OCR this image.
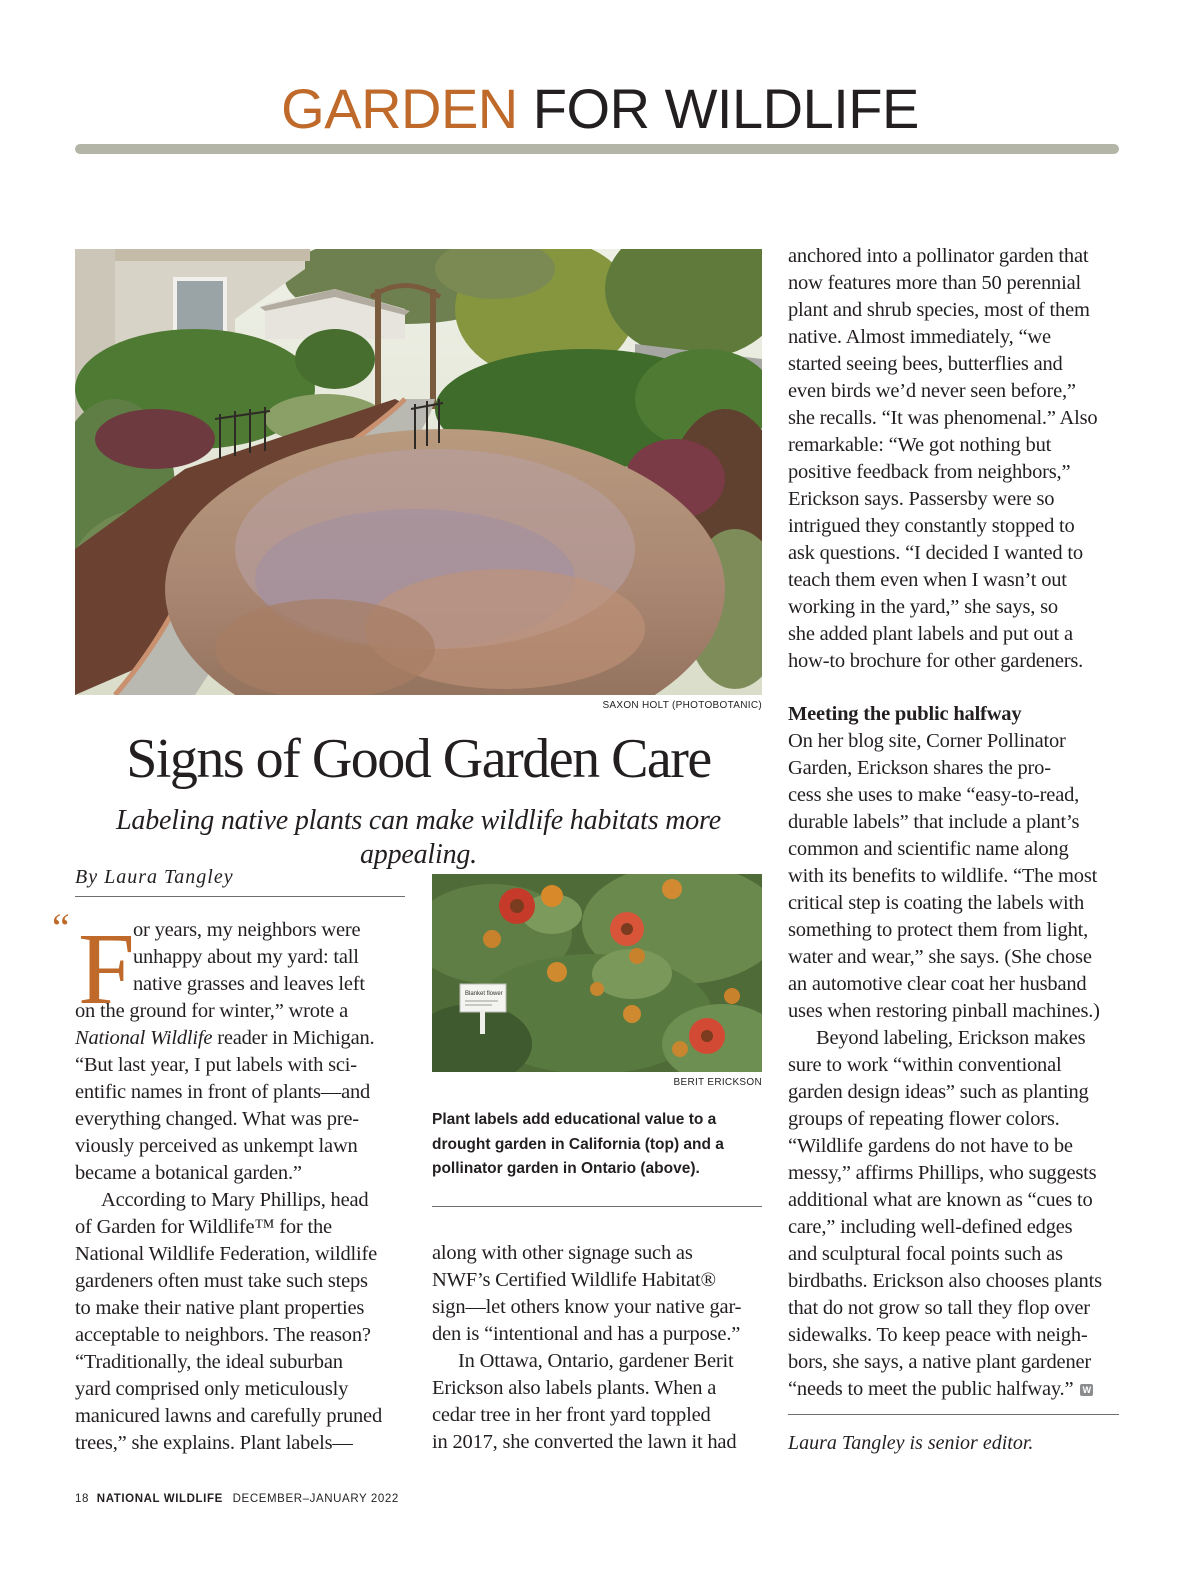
GARDEN FOR WILDLIFE
SAXON HOLT (PHOTOBOTANIC)
Signs of Good Garden Care
Labeling native plants can make wildlife habitats more appealing.
By Laura Tangley
“ F
or years, my neighbors were
unhappy about my yard: tall
native grasses and leaves left
on the ground for winter,” wrote a
National Wildlife reader in Michigan.
“But last year, I put labels with sci-
entific names in front of plants—and
everything changed. What was pre-
viously perceived as unkempt lawn
became a botanical garden.”
According to Mary Phillips, head
of Garden for Wildlife™ for the
National Wildlife Federation, wildlife
gardeners often must take such steps
to make their native plant properties
acceptable to neighbors. The reason?
“Traditionally, the ideal suburban
yard comprised only meticulously
manicured lawns and carefully pruned
trees,” she explains. Plant labels—
Blanket flower
BERIT ERICKSON
Plant labels add educational value to a
drought garden in California (top) and a
pollinator garden in Ontario (above).
along with other signage such as
NWF’s Certified Wildlife Habitat®
sign—let others know your native gar-
den is “intentional and has a purpose.”
In Ottawa, Ontario, gardener Berit
Erickson also labels plants. When a
cedar tree in her front yard toppled
in 2017, she converted the lawn it had
anchored into a pollinator garden that
now features more than 50 perennial
plant and shrub species, most of them
native. Almost immediately, “we
started seeing bees, butterflies and
even birds we’d never seen before,”
she recalls. “It was phenomenal.” Also
remarkable: “We got nothing but
positive feedback from neighbors,”
Erickson says. Passersby were so
intrigued they constantly stopped to
ask questions. “I decided I wanted to
teach them even when I wasn’t out
working in the yard,” she says, so
she added plant labels and put out a
how-to brochure for other gardeners.
Meeting the public halfway
On her blog site, Corner Pollinator
Garden, Erickson shares the pro-
cess she uses to make “easy-to-read,
durable labels” that include a plant’s
common and scientific name along
with its benefits to wildlife. “The most
critical step is coating the labels with
something to protect them from light,
water and wear,” she says. (She chose
an automotive clear coat her husband
uses when restoring pinball machines.)
Beyond labeling, Erickson makes
sure to work “within conventional
garden design ideas” such as planting
groups of repeating flower colors.
“Wildlife gardens do not have to be
messy,” affirms Phillips, who suggests
additional what are known as “cues to
care,” including well-defined edges
and sculptural focal points such as
birdbaths. Erickson also chooses plants
that do not grow so tall they flop over
sidewalks. To keep peace with neigh-
bors, she says, a native plant gardener
“needs to meet the public halfway.” W
Laura Tangley is senior editor.
18 NATIONAL WILDLIFE DECEMBER–JANUARY 2022
